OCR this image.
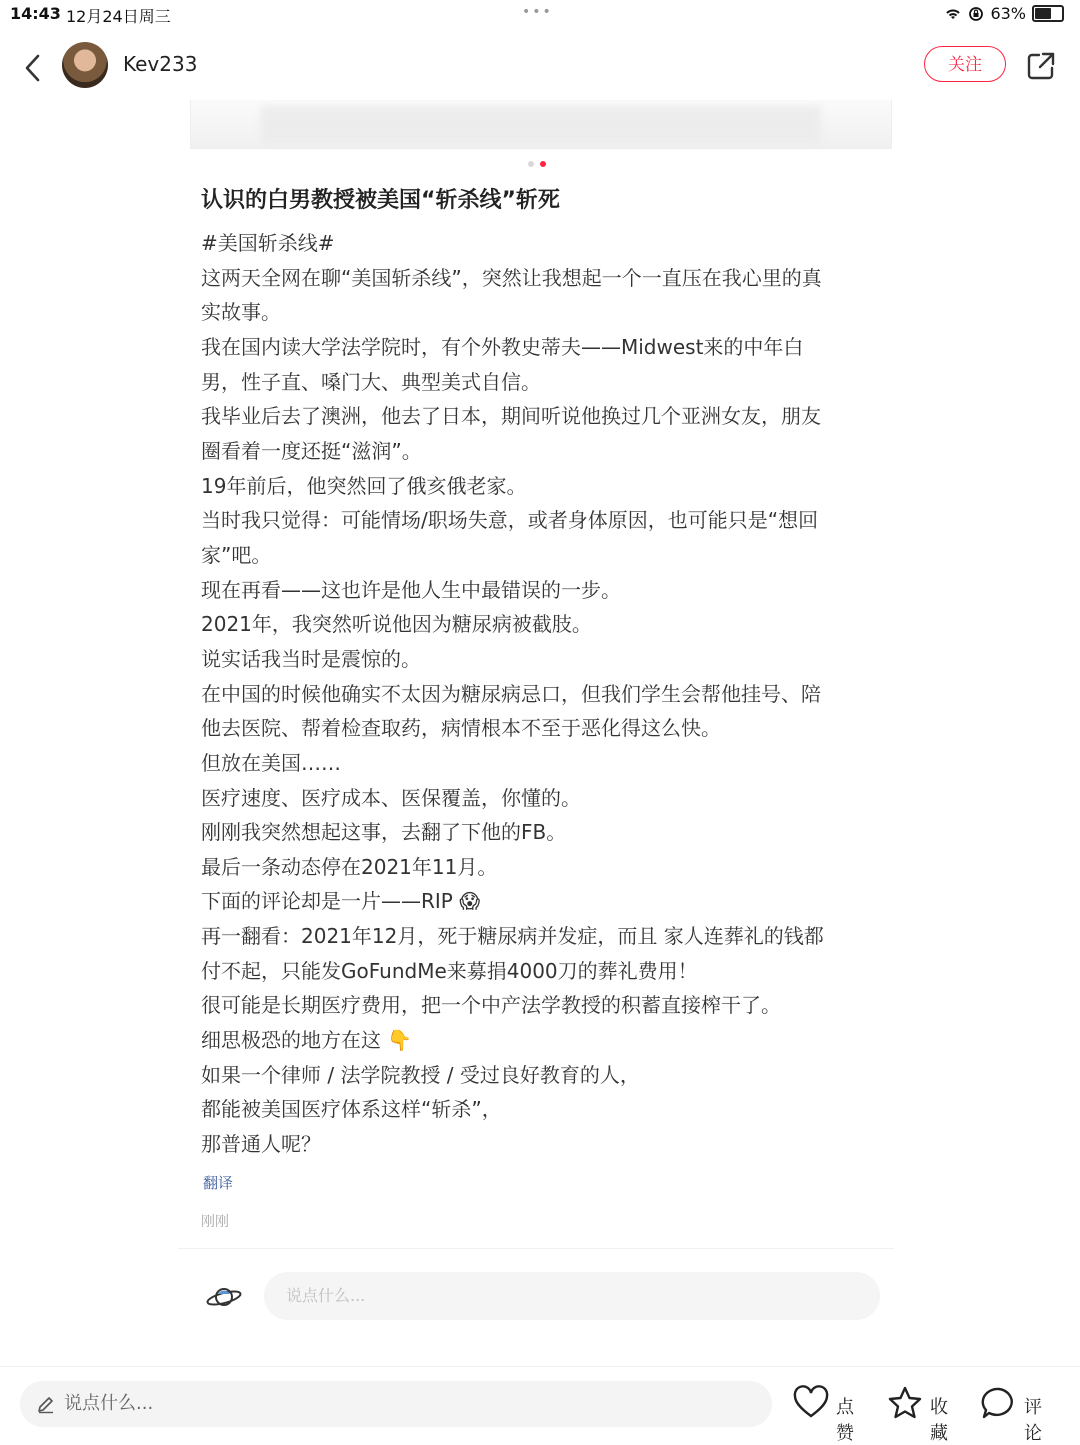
14:43 12月24日周三	•••	63%
Kev233	关注
认识的白男教授被美国“斩杀线”斩死
#美国斩杀线#
这两天全网在聊“美国斩杀线”，突然让我想起一个一直压在我心里的真
实故事。
我在国内读大学法学院时，有个外教史蒂夫——Midwest来的中年白
男，性子直、嗓门大、典型美式自信。
我毕业后去了澳洲，他去了日本，期间听说他换过几个亚洲女友，朋友
圈看着一度还挺“滋润”。
19年前后，他突然回了俄亥俄老家。
当时我只觉得：可能情场/职场失意，或者身体原因，也可能只是“想回
家”吧。
现在再看——这也许是他人生中最错误的一步。
2021年，我突然听说他因为糖尿病被截肢。
说实话我当时是震惊的。
在中国的时候他确实不太因为糖尿病忌口，但我们学生会帮他挂号、陪
他去医院、帮着检查取药，病情根本不至于恶化得这么快。
但放在美国……
医疗速度、医疗成本、医保覆盖，你懂的。
刚刚我突然想起这事，去翻了下他的FB。
最后一条动态停在2021年11月。
下面的评论却是一片——RIP 😱
再一翻看：2021年12月，死于糖尿病并发症，而且 家人连葬礼的钱都
付不起，只能发GoFundMe来募捐4000刀的葬礼费用！
很可能是长期医疗费用，把一个中产法学教授的积蓄直接榨干了。
细思极恐的地方在这 👇
如果一个律师 / 法学院教授 / 受过良好教育的人，
都能被美国医疗体系这样“斩杀”，
那普通人呢？
翻译
刚刚
说点什么...
说点什么...	点赞
收藏
评论
